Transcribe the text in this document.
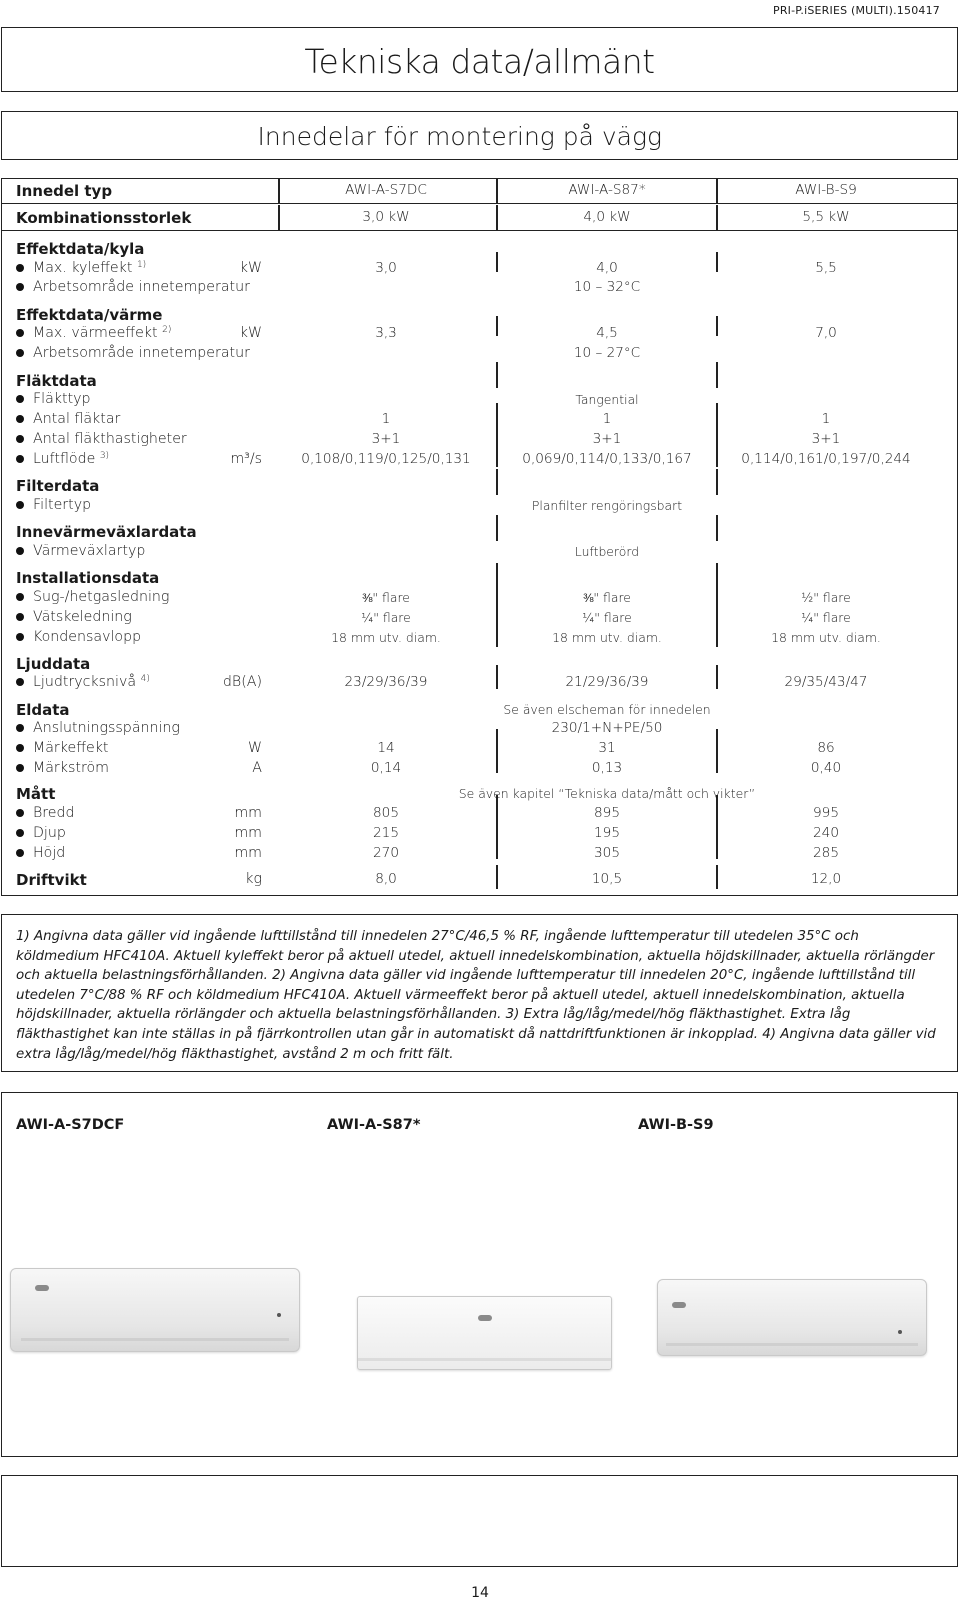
PRI-P.iSERIES (MULTI).150417
Tekniska data/allmänt
Innedelar för montering på vägg
Innedel typ	AWI-A-S7DC	AWI-A-S87*	AWI-B-S9
Kombinationsstorlek	3,0 kW	4,0 kW	5,5 kW
Effektdata/kyla
Max. kyleffekt $^{1)}$	kW	3,0	4,0	5,5
Arbetsområde innetemperatur	10 – 32°C
Effektdata/värme
Max. värmeeffekt $^{2)}$	kW	3,3	4,5	7,0
Arbetsområde innetemperatur	10 – 27°C
Fläktdata
Fläkttyp	Tangential
Antal fläktar	1	1	1
Antal fläkthastigheter	3+1	3+1	3+1
Luftflöde $^{3)}$	m³/s	0,108/0,119/0,125/0,131	0,069/0,114/0,133/0,167	0,114/0,161/0,197/0,244
Filterdata
Filtertyp	Planfilter rengöringsbart
Innevärmeväxlardata
Värmeväxlartyp	Luftberörd
Installationsdata
Sug-/hetgasledning	⅜" flare	⅜" flare	½" flare
Vätskeledning	¼" flare	¼" flare	¼" flare
Kondensavlopp	18 mm utv. diam.	18 mm utv. diam.	18 mm utv. diam.
Ljuddata
Ljudtrycksnivå $^{4)}$	dB(A)	23/29/36/39	21/29/36/39	29/35/43/47
Eldata	Se även elscheman för innedelen
Anslutningsspänning	230/1+N+PE/50
Märkeffekt	W	14	31	86
Märkström	A	0,14	0,13	0,40
Mått	Se även kapitel “Tekniska data/mått och vikter”
Bredd	mm	805	895	995
Djup	mm	215	195	240
Höjd	mm	270	305	285
Driftvikt	kg	8,0	10,5	12,0
1) Angivna data gäller vid ingående lufttillstånd till innedelen 27°C/46,5 % RF, ingående lufttemperatur till utedelen 35°C och köldmedium HFC410A. Aktuell kyleffekt beror på aktuell utedel, aktuell innedelskombination, aktuella höjdskillnader, aktuella rörlängder och aktuella belastningsförhållanden. 2) Angivna data gäller vid ingående lufttemperatur till innedelen 20°C, ingående lufttillstånd till utedelen 7°C/88 % RF och köldmedium HFC410A. Aktuell värmeeffekt beror på aktuell utedel, aktuell innedelskombination, aktuella höjdskillnader, aktuella rörlängder och aktuella belastningsförhållanden. 3) Extra låg/låg/medel/hög fläkthastighet. Extra låg fläkthastighet kan inte ställas in på fjärrkontrollen utan går in automatiskt då nattdriftfunktionen är inkopplad. 4) Angivna data gäller vid extra låg/låg/medel/hög fläkthastighet, avstånd 2 m och fritt fält.
AWI-A-S7DCF	AWI-A-S87*	AWI-B-S9
14
